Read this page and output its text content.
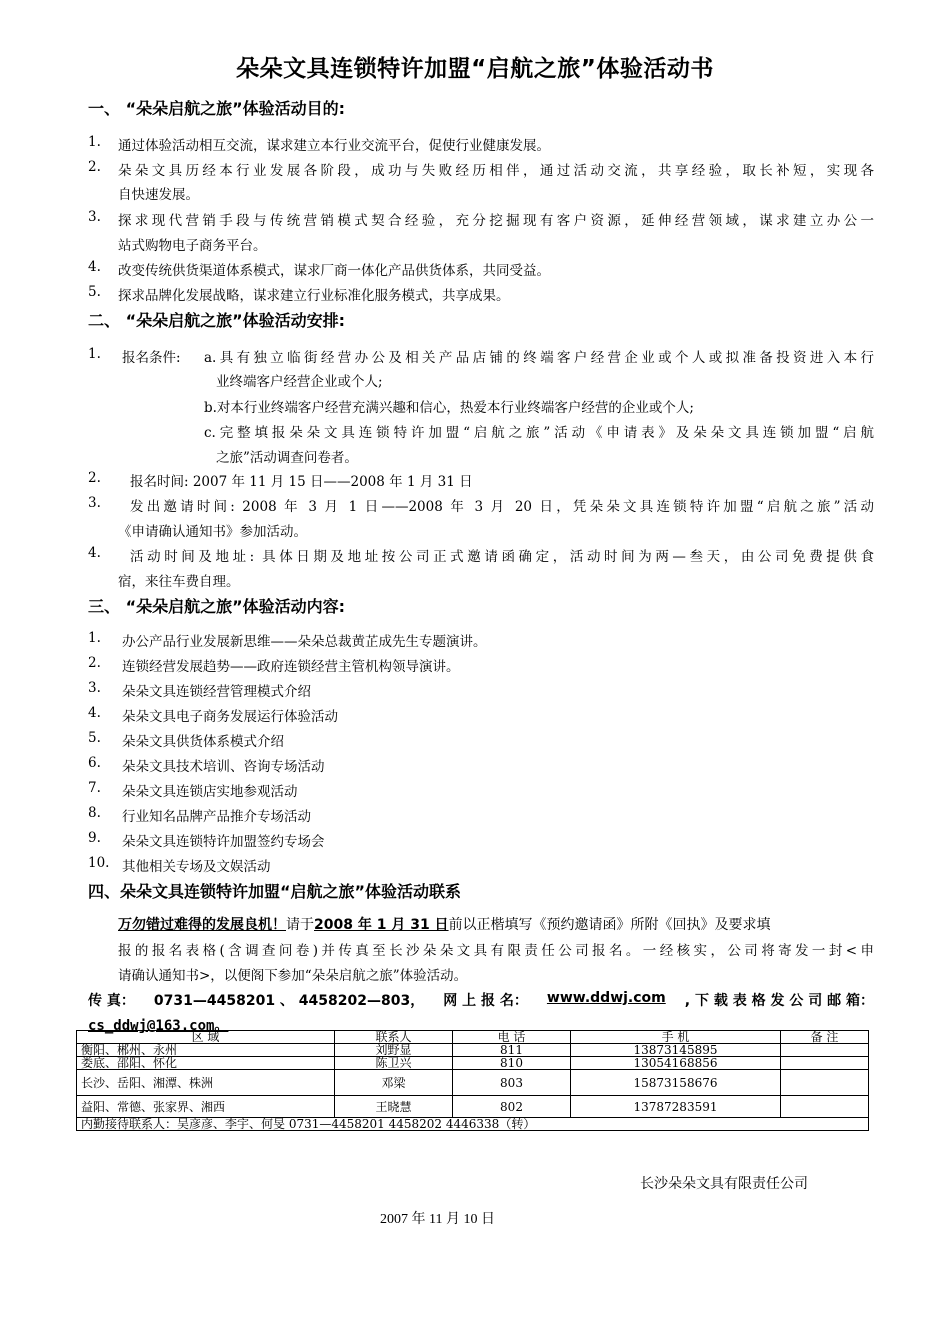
朵朵文具连锁特许加盟“启航之旅”体验活动书
一、 “朵朵启航之旅”体验活动目的:
1. 通过体验活动相互交流，谋求建立本行业交流平台，促使行业健康发展。
2. 朵朵文具历经本行业发展各阶段，成功与失败经历相伴，通过活动交流，共享经验，取长补短，实现各
自快速发展。
3. 探求现代营销手段与传统营销模式契合经验，充分挖掘现有客户资源，延伸经营领域，谋求建立办公一
站式购物电子商务平台。
4. 改变传统供货渠道体系模式，谋求厂商一体化产品供货体系，共同受益。
5. 探求品牌化发展战略，谋求建立行业标准化服务模式，共享成果。
二、 “朵朵启航之旅”体验活动安排:
1. 报名条件: a.具有独立临街经营办公及相关产品店铺的终端客户经营企业或个人或拟准备投资进入本行
业终端客户经营企业或个人;
b.对本行业终端客户经营充满兴趣和信心，热爱本行业终端客户经营的企业或个人;
c.完整填报朵朵文具连锁特许加盟“启航之旅”活动《申请表》及朵朵文具连锁加盟“启航
之旅”活动调查问卷者。
2. 报名时间: 2007 年 11 月 15 日——2008 年 1 月 31 日
3. 发出邀请时间: 2008 年 3 月 1 日——2008 年 3 月 20 日，凭朵朵文具连锁特许加盟“启航之旅”活动
《申请确认通知书》参加活动。
4. 活动时间及地址: 具体日期及地址按公司正式邀请函确定，活动时间为两—叁天，由公司免费提供食
宿，来往车费自理。
三、 “朵朵启航之旅”体验活动内容:
1. 办公产品行业发展新思维——朵朵总裁黄芷成先生专题演讲。
2. 连锁经营发展趋势——政府连锁经营主管机构领导演讲。
3. 朵朵文具连锁经营管理模式介绍
4. 朵朵文具电子商务发展运行体验活动
5. 朵朵文具供货体系模式介绍
6. 朵朵文具技术培训、咨询专场活动
7. 朵朵文具连锁店实地参观活动
8. 行业知名品牌产品推介专场活动
9. 朵朵文具连锁特许加盟签约专场会
10. 其他相关专场及文娱活动
四、朵朵文具连锁特许加盟“启航之旅”体验活动联系
万勿错过难得的发展良机！请于2008 年 1 月 31 日前以正楷填写《预约邀请函》所附《回执》及要求填
报的报名表格(含调查问卷)并传真至长沙朵朵文具有限责任公司报名。一经核实，公司将寄发一封<申
请确认通知书>，以便阁下参加“朵朵启航之旅”体验活动。
传 真： 0731—4458201 、 4458202—803， 网 上 报 名： www.ddwj.com , 下 载 表 格 发 公 司 邮 箱：
cs_ddwj@163.com。
区 域	联系人	电 话	手 机	备 注
衡阳、郴州、永州	刘野显	811	13873145895	
娄底、邵阳、怀化	陈卫兴	810	13054168856	
长沙、岳阳、湘潭、株洲	邓梁	803	15873158676	
益阳、常德、张家界、湘西	王晓慧	802	13787283591	
内勤接待联系人：吴彦彦、李宇、何旻 0731—4458201 4458202 4446338（转）				
长沙朵朵文具有限责任公司
2007 年 11 月 10 日
